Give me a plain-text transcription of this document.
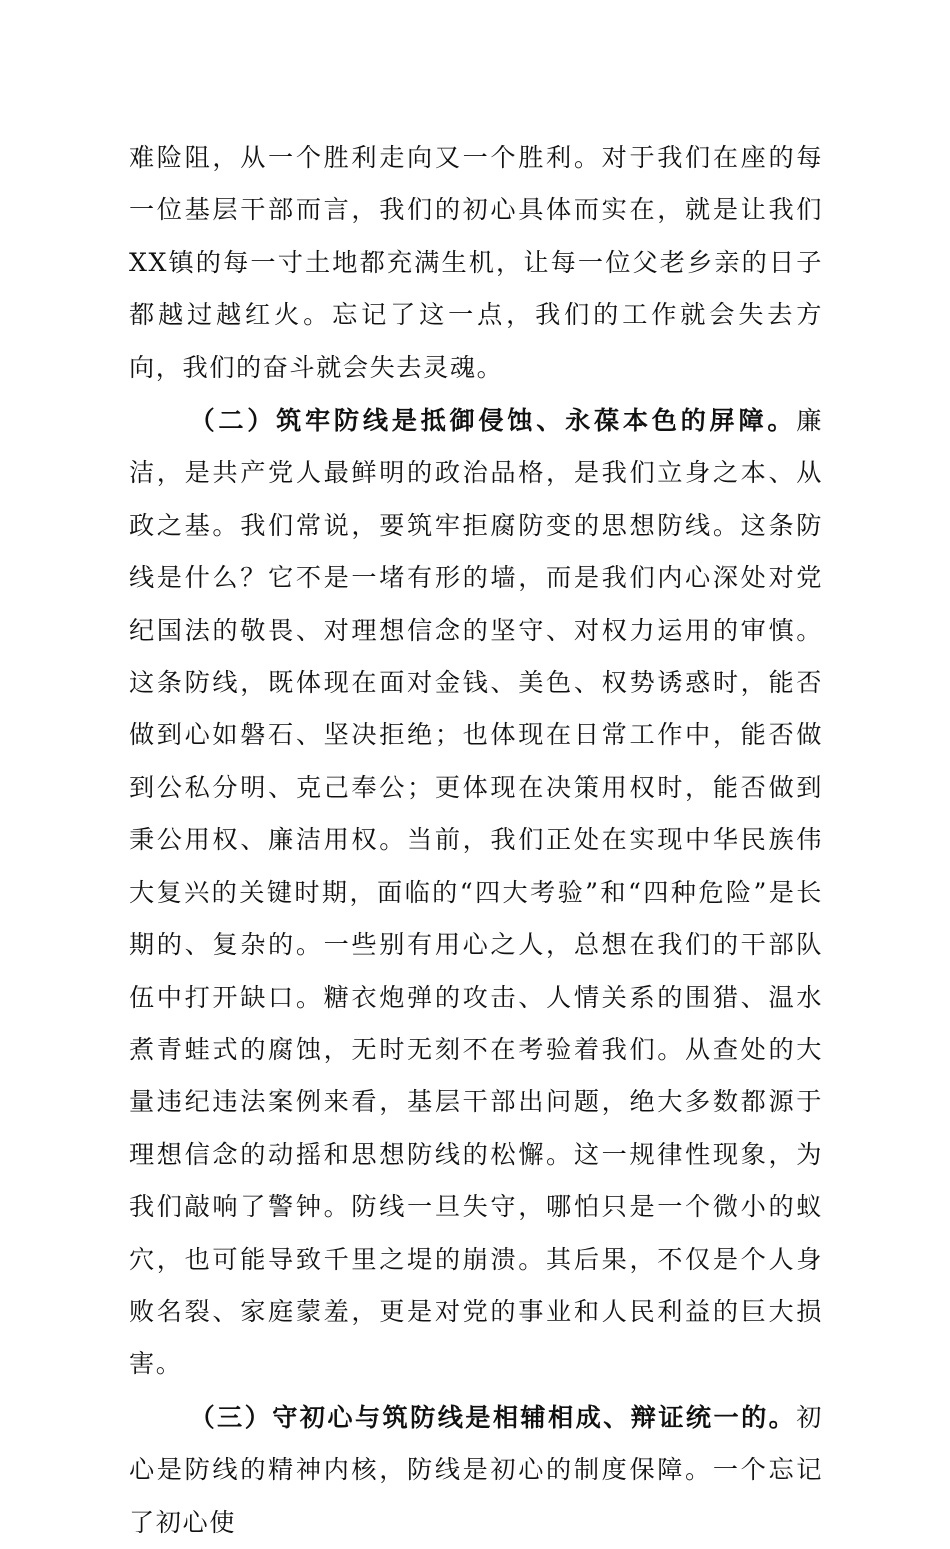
难险阻，从一个胜利走向又一个胜利。对于我们在座的每一位基层干部而言，我们的初心具体而实在，就是让我们XX镇的每一寸土地都充满生机，让每一位父老乡亲的日子都越过越红火。忘记了这一点，我们的工作就会失去方向，我们的奋斗就会失去灵魂。

（二）筑牢防线是抵御侵蚀、永葆本色的屏障。廉洁，是共产党人最鲜明的政治品格，是我们立身之本、从政之基。我们常说，要筑牢拒腐防变的思想防线。这条防线是什么？它不是一堵有形的墙，而是我们内心深处对党纪国法的敬畏、对理想信念的坚守、对权力运用的审慎。这条防线，既体现在面对金钱、美色、权势诱惑时，能否做到心如磐石、坚决拒绝；也体现在日常工作中，能否做到公私分明、克己奉公；更体现在决策用权时，能否做到秉公用权、廉洁用权。当前，我们正处在实现中华民族伟大复兴的关键时期，面临的“四大考验”和“四种危险”是长期的、复杂的。一些别有用心之人，总想在我们的干部队伍中打开缺口。糖衣炮弹的攻击、人情关系的围猎、温水煮青蛙式的腐蚀，无时无刻不在考验着我们。从查处的大量违纪违法案例来看，基层干部出问题，绝大多数都源于理想信念的动摇和思想防线的松懈。这一规律性现象，为我们敲响了警钟。防线一旦失守，哪怕只是一个微小的蚁穴，也可能导致千里之堤的崩溃。其后果，不仅是个人身败名裂、家庭蒙羞，更是对党的事业和人民利益的巨大损害。

（三）守初心与筑防线是相辅相成、辩证统一的。初心是防线的精神内核，防线是初心的制度保障。一个忘记了初心使
